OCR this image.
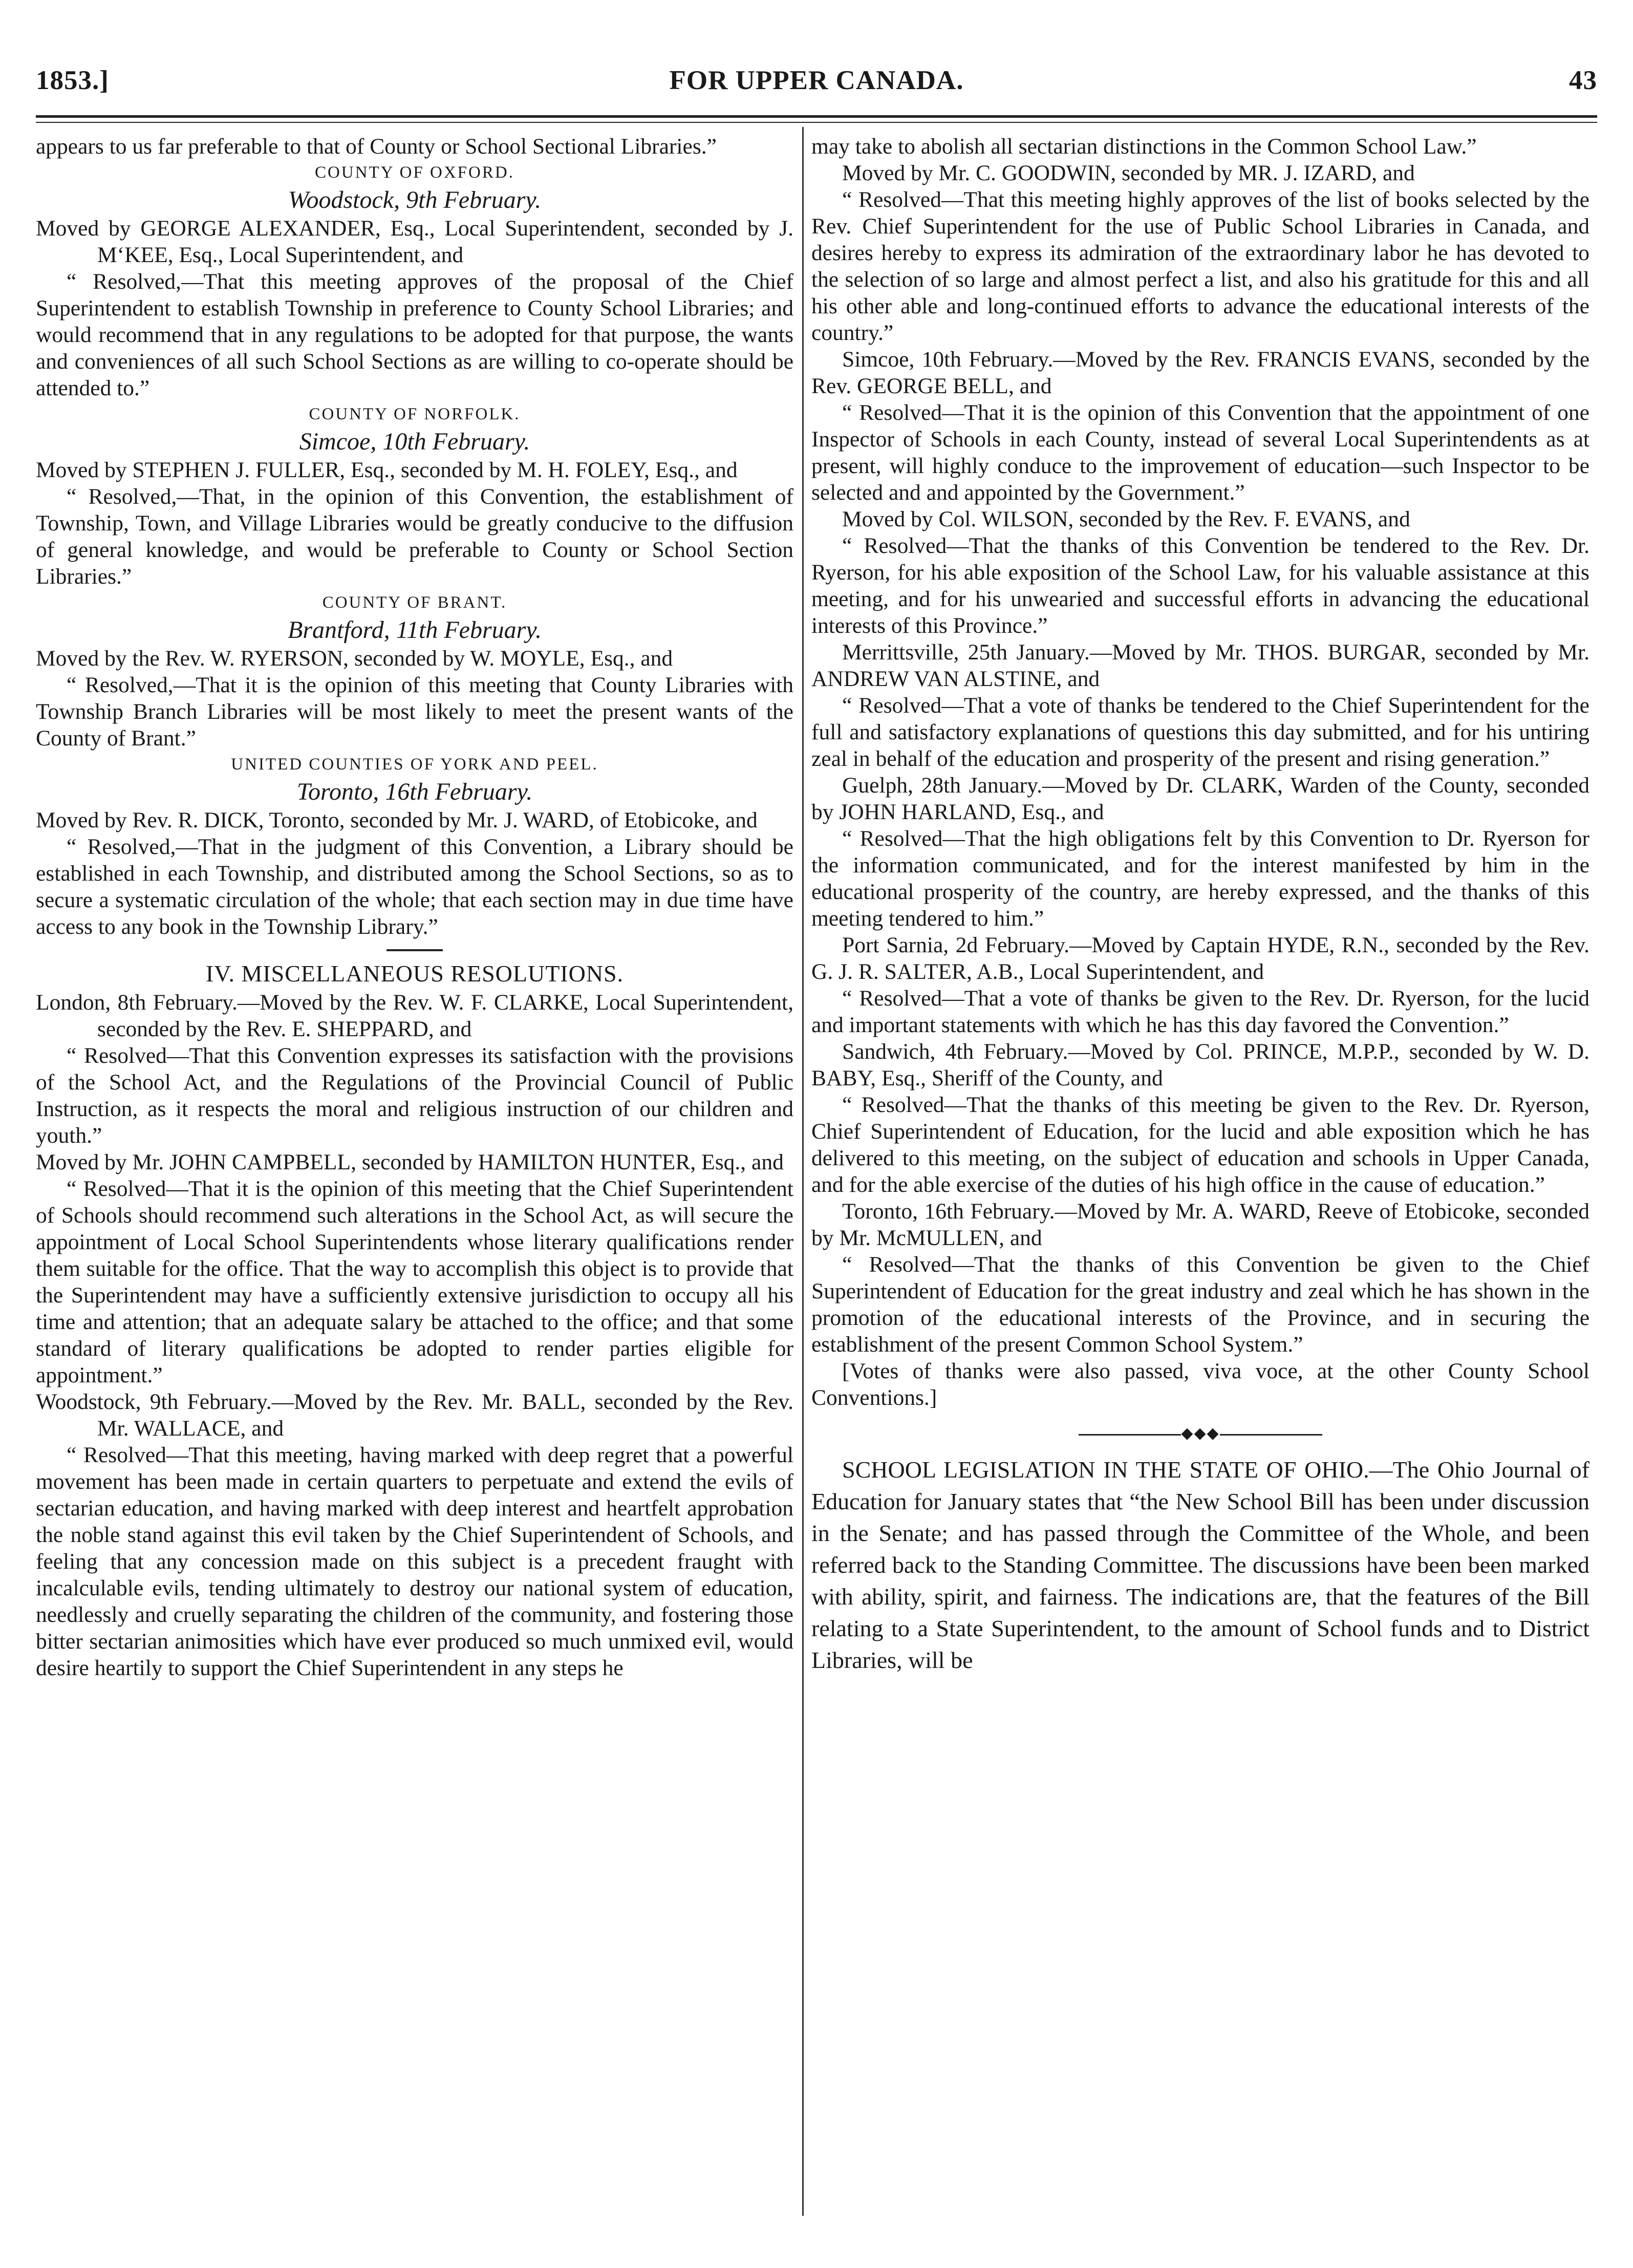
1853.]	FOR UPPER CANADA.	43

appears to us far preferable to that of County or School Sectional Libraries.”

COUNTY OF OXFORD.

Woodstock, 9th February.

Moved by GEORGE ALEXANDER, Esq., Local Superintendent, seconded by J. M‘KEE, Esq., Local Superintendent, and

“ Resolved,—That this meeting approves of the proposal of the Chief Superintendent to establish Township in preference to County School Libraries; and would recommend that in any regulations to be adopted for that purpose, the wants and conveniences of all such School Sections as are willing to co-operate should be attended to.”

COUNTY OF NORFOLK.

Simcoe, 10th February.

Moved by STEPHEN J. FULLER, Esq., seconded by M. H. FOLEY, Esq., and

“ Resolved,—That, in the opinion of this Convention, the establishment of Township, Town, and Village Libraries would be greatly conducive to the diffusion of general knowledge, and would be preferable to County or School Section Libraries.”

COUNTY OF BRANT.

Brantford, 11th February.

Moved by the Rev. W. RYERSON, seconded by W. MOYLE, Esq., and

“ Resolved,—That it is the opinion of this meeting that County Libraries with Township Branch Libraries will be most likely to meet the present wants of the County of Brant.”

UNITED COUNTIES OF YORK AND PEEL.

Toronto, 16th February.

Moved by Rev. R. DICK, Toronto, seconded by Mr. J. WARD, of Etobicoke, and

“ Resolved,—That in the judgment of this Convention, a Library should be established in each Township, and distributed among the School Sections, so as to secure a systematic circulation of the whole; that each section may in due time have access to any book in the Township Library.”

IV. MISCELLANEOUS RESOLUTIONS.

London, 8th February.—Moved by the Rev. W. F. CLARKE, Local Superintendent, seconded by the Rev. E. SHEPPARD, and

“ Resolved—That this Convention expresses its satisfaction with the provisions of the School Act, and the Regulations of the Provincial Council of Public Instruction, as it respects the moral and religious instruction of our children and youth.”

Moved by Mr. JOHN CAMPBELL, seconded by HAMILTON HUNTER, Esq., and

“ Resolved—That it is the opinion of this meeting that the Chief Superintendent of Schools should recommend such alterations in the School Act, as will secure the appointment of Local School Superintendents whose literary qualifications render them suitable for the office. That the way to accomplish this object is to provide that the Superintendent may have a sufficiently extensive jurisdiction to occupy all his time and attention; that an adequate salary be attached to the office; and that some standard of literary qualifications be adopted to render parties eligible for appointment.”

Woodstock, 9th February.—Moved by the Rev. Mr. BALL, seconded by the Rev. Mr. WALLACE, and

“ Resolved—That this meeting, having marked with deep regret that a powerful movement has been made in certain quarters to perpetuate and extend the evils of sectarian education, and having marked with deep interest and heartfelt approbation the noble stand against this evil taken by the Chief Superintendent of Schools, and feeling that any concession made on this subject is a precedent fraught with incalculable evils, tending ultimately to destroy our national system of education, needlessly and cruelly separating the children of the community, and fostering those bitter sectarian animosities which have ever produced so much unmixed evil, would desire heartily to support the Chief Superintendent in any steps he

may take to abolish all sectarian distinctions in the Common School Law.”

Moved by Mr. C. GOODWIN, seconded by MR. J. IZARD, and

“ Resolved—That this meeting highly approves of the list of books selected by the Rev. Chief Superintendent for the use of Public School Libraries in Canada, and desires hereby to express its admiration of the extraordinary labor he has devoted to the selection of so large and almost perfect a list, and also his gratitude for this and all his other able and long-continued efforts to advance the educational interests of the country.”

Simcoe, 10th February.—Moved by the Rev. FRANCIS EVANS, seconded by the Rev. GEORGE BELL, and

“ Resolved—That it is the opinion of this Convention that the appointment of one Inspector of Schools in each County, instead of several Local Superintendents as at present, will highly conduce to the improvement of education—such Inspector to be selected and and appointed by the Government.”

Moved by Col. WILSON, seconded by the Rev. F. EVANS, and

“ Resolved—That the thanks of this Convention be tendered to the Rev. Dr. Ryerson, for his able exposition of the School Law, for his valuable assistance at this meeting, and for his unwearied and successful efforts in advancing the educational interests of this Province.”

Merrittsville, 25th January.—Moved by Mr. THOS. BURGAR, seconded by Mr. ANDREW VAN ALSTINE, and

“ Resolved—That a vote of thanks be tendered to the Chief Superintendent for the full and satisfactory explanations of questions this day submitted, and for his untiring zeal in behalf of the education and prosperity of the present and rising generation.”

Guelph, 28th January.—Moved by Dr. CLARK, Warden of the County, seconded by JOHN HARLAND, Esq., and

“ Resolved—That the high obligations felt by this Convention to Dr. Ryerson for the information communicated, and for the interest manifested by him in the educational prosperity of the country, are hereby expressed, and the thanks of this meeting tendered to him.”

Port Sarnia, 2d February.—Moved by Captain HYDE, R.N., seconded by the Rev. G. J. R. SALTER, A.B., Local Superintendent, and

“ Resolved—That a vote of thanks be given to the Rev. Dr. Ryerson, for the lucid and important statements with which he has this day favored the Convention.”

Sandwich, 4th February.—Moved by Col. PRINCE, M.P.P., seconded by W. D. BABY, Esq., Sheriff of the County, and

“ Resolved—That the thanks of this meeting be given to the Rev. Dr. Ryerson, Chief Superintendent of Education, for the lucid and able exposition which he has delivered to this meeting, on the subject of education and schools in Upper Canada, and for the able exercise of the duties of his high office in the cause of education.”

Toronto, 16th February.—Moved by Mr. A. WARD, Reeve of Etobicoke, seconded by Mr. McMULLEN, and

“ Resolved—That the thanks of this Convention be given to the Chief Superintendent of Education for the great industry and zeal which he has shown in the promotion of the educational interests of the Province, and in securing the establishment of the present Common School System.”

[Votes of thanks were also passed, viva voce, at the other County School Conventions.]

◆◆◆

SCHOOL LEGISLATION IN THE STATE OF OHIO.—The Ohio Journal of Education for January states that “the New School Bill has been under discussion in the Senate; and has passed through the Committee of the Whole, and been referred back to the Standing Committee. The discussions have been been marked with ability, spirit, and fairness. The indications are, that the features of the Bill relating to a State Superintendent, to the amount of School funds and to District Libraries, will be
